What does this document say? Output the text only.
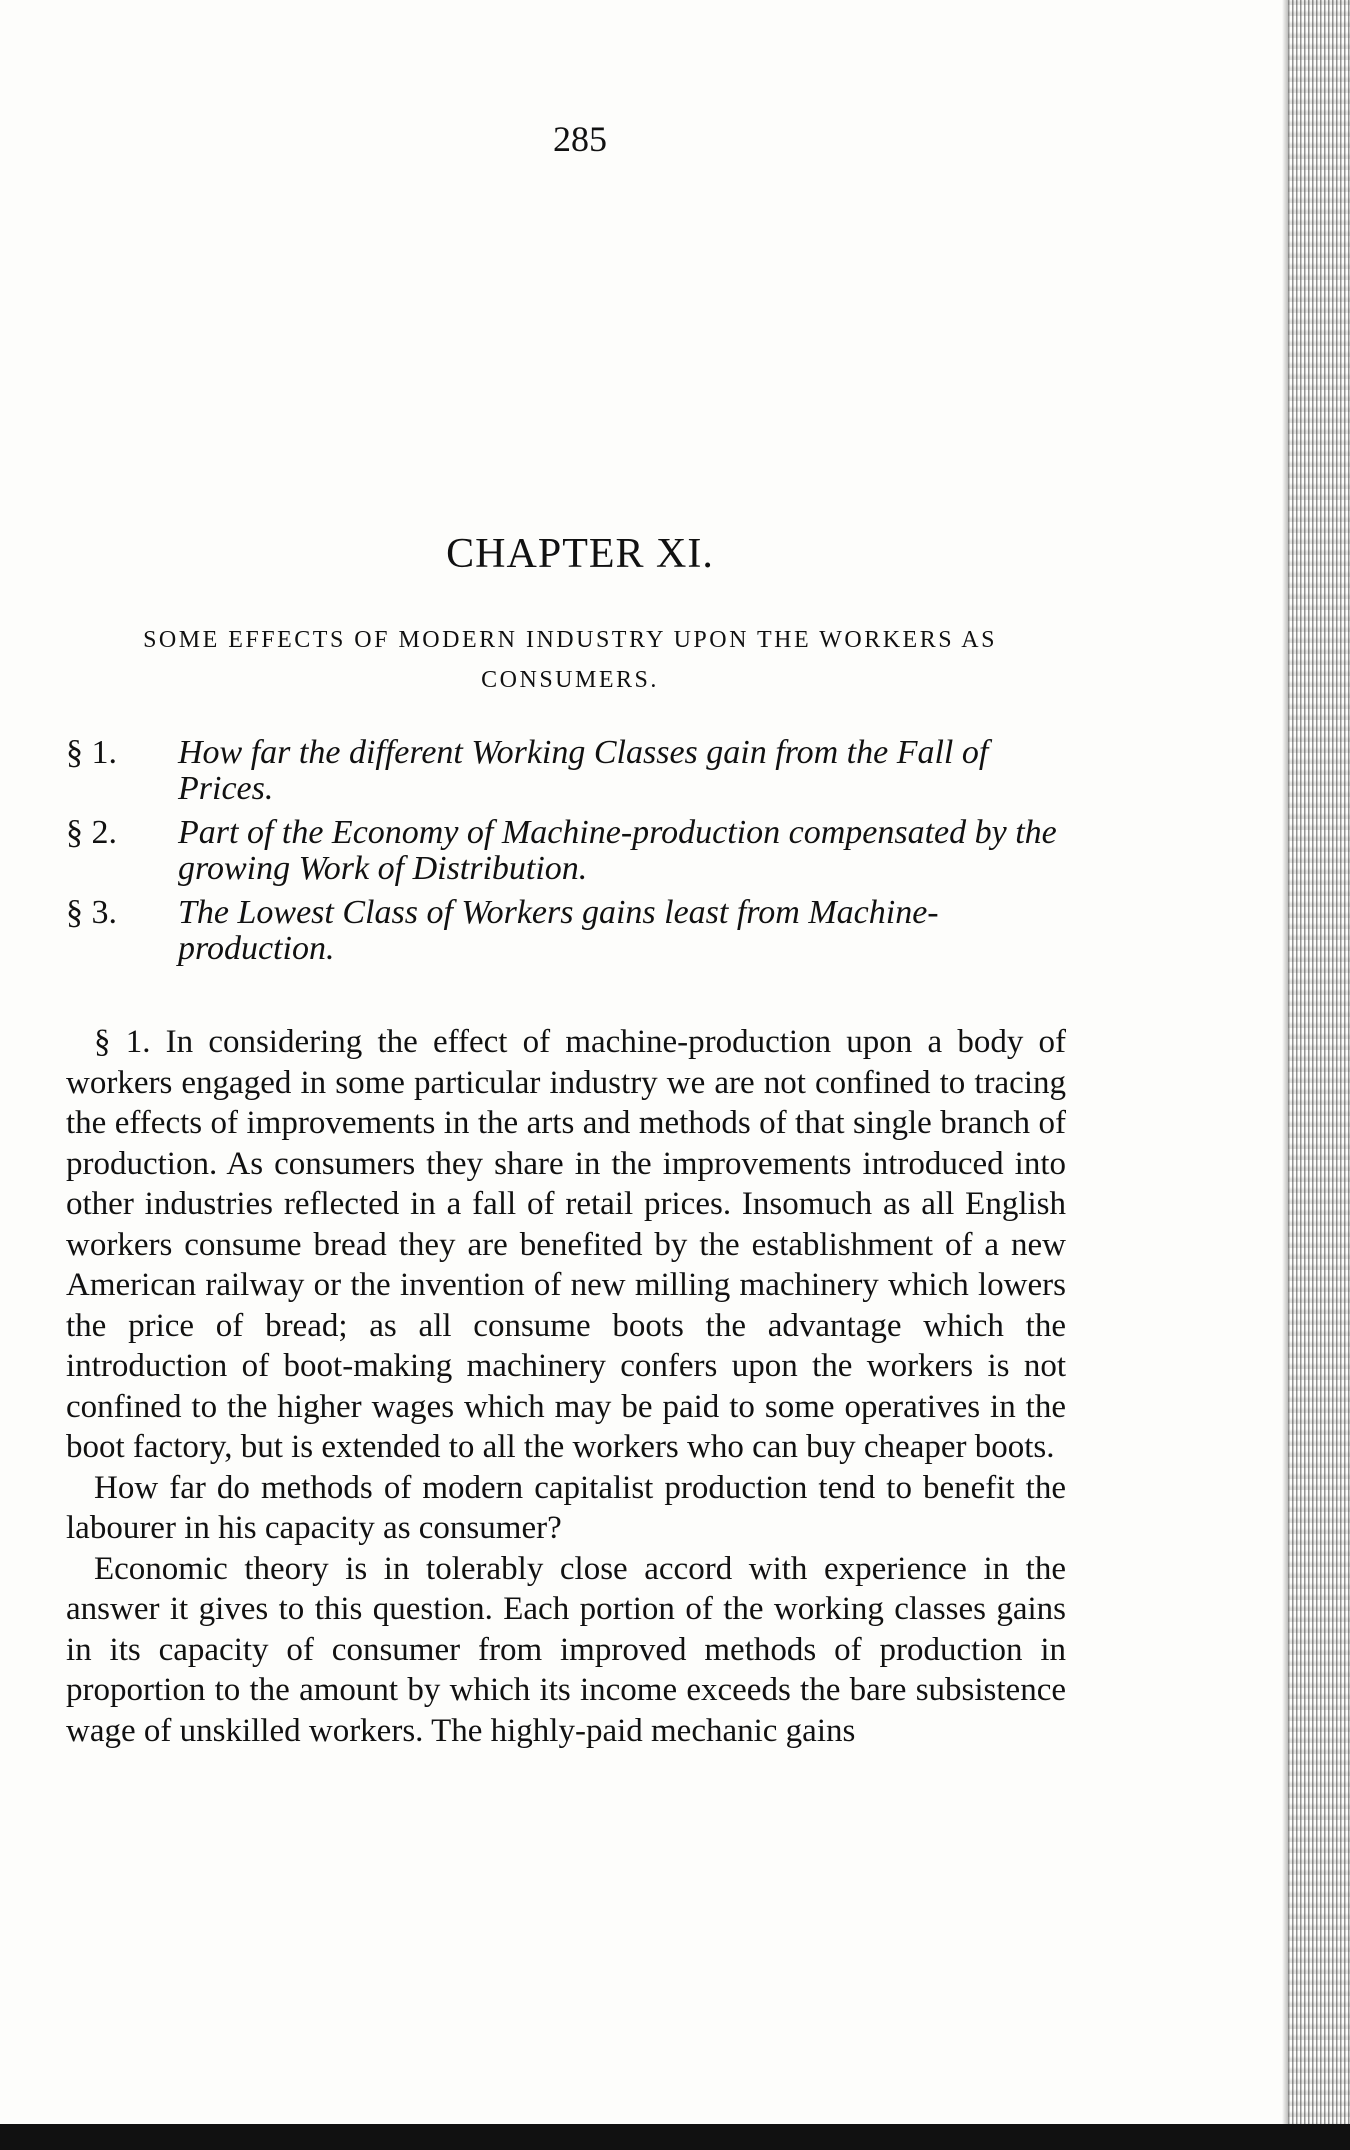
285
CHAPTER XI.
SOME EFFECTS OF MODERN INDUSTRY UPON THE WORKERS AS CONSUMERS.
§ 1. How far the different Working Classes gain from the Fall of Prices.
§ 2. Part of the Economy of Machine-production compensated by the growing Work of Distribution.
§ 3. The Lowest Class of Workers gains least from Machine-production.

§ 1. In considering the effect of machine-production upon a body of workers engaged in some particular industry we are not confined to tracing the effects of improvements in the arts and methods of that single branch of production. As consumers they share in the improvements introduced into other industries reflected in a fall of retail prices. Insomuch as all English workers consume bread they are benefited by the establishment of a new American railway or the invention of new milling machinery which lowers the price of bread; as all consume boots the advantage which the introduction of boot-making machinery confers upon the workers is not confined to the higher wages which may be paid to some operatives in the boot factory, but is extended to all the workers who can buy cheaper boots.

How far do methods of modern capitalist production tend to benefit the labourer in his capacity as consumer?

Economic theory is in tolerably close accord with experience in the answer it gives to this question. Each portion of the working classes gains in its capacity of consumer from improved methods of production in proportion to the amount by which its income exceeds the bare subsistence wage of unskilled workers. The highly-paid mechanic gains
